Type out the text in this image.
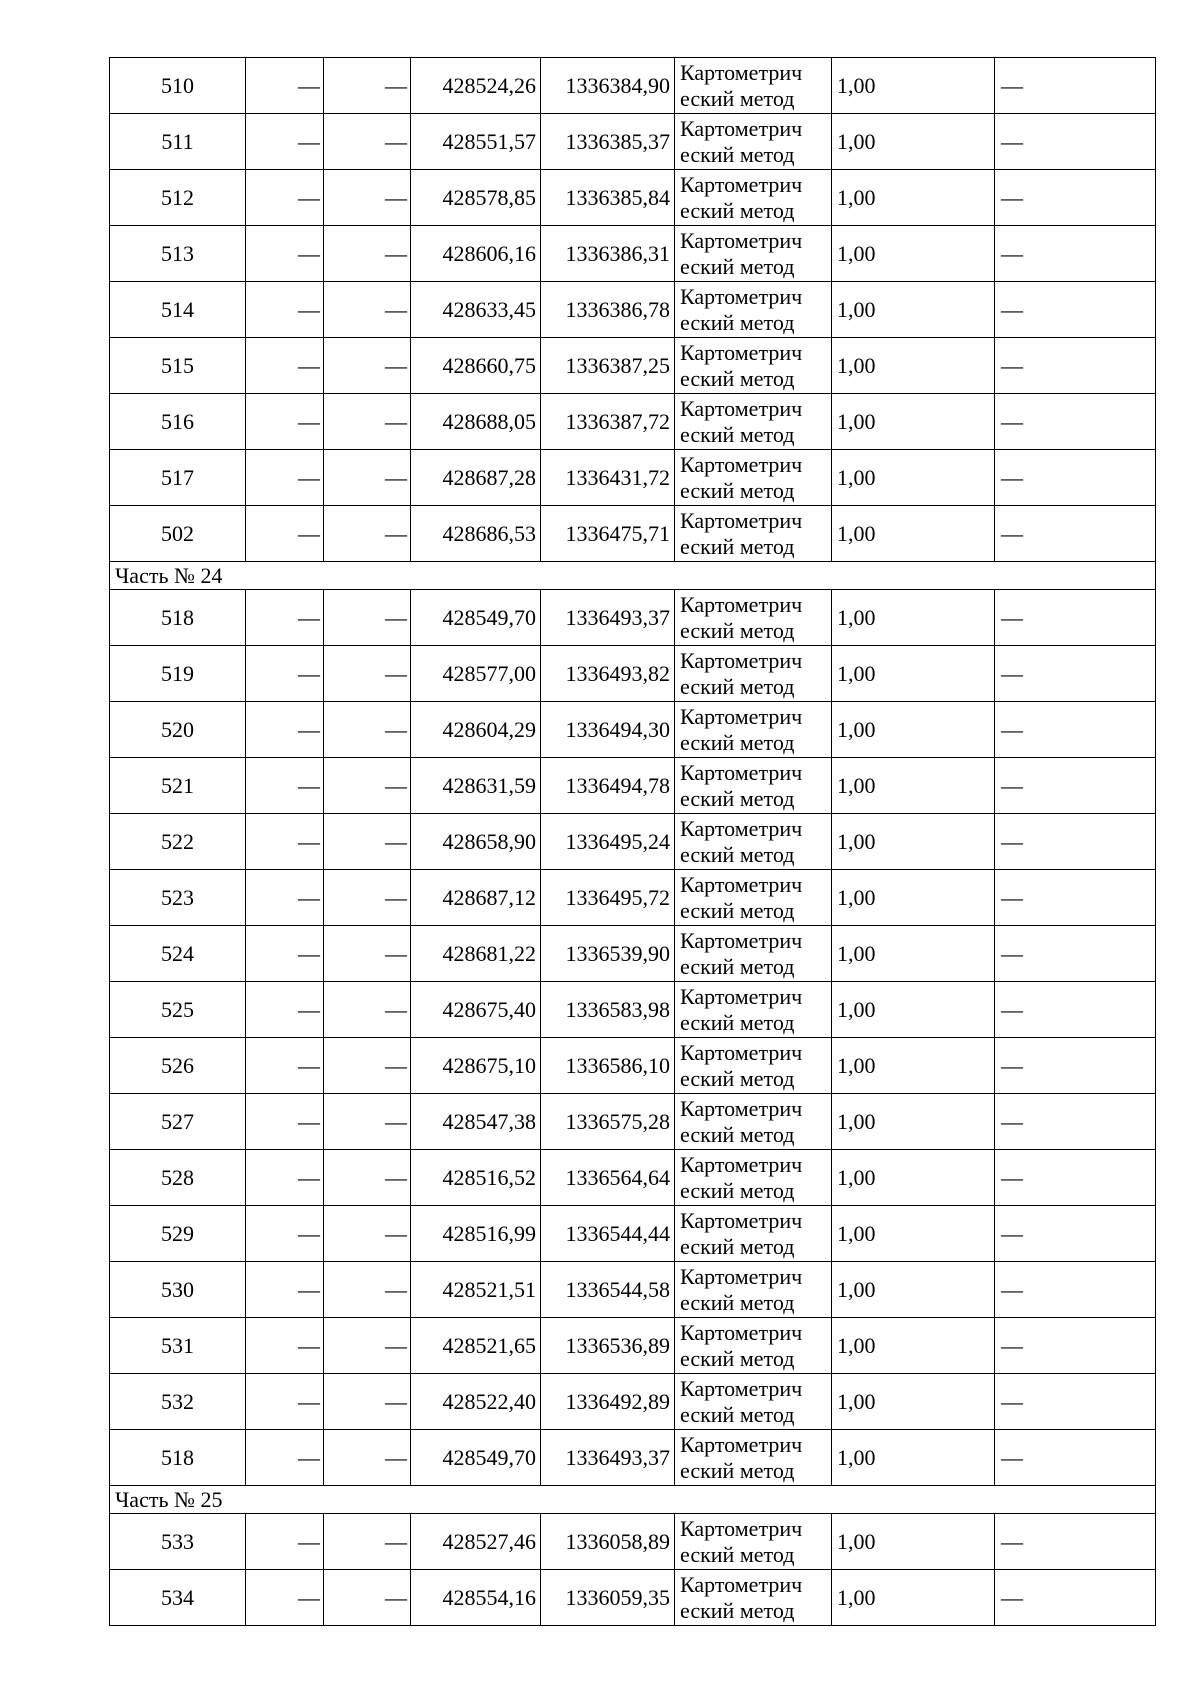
510	—	—	428524,26	1336384,90	Картометрич
еский метод	1,00	—
511	—	—	428551,57	1336385,37	Картометрич
еский метод	1,00	—
512	—	—	428578,85	1336385,84	Картометрич
еский метод	1,00	—
513	—	—	428606,16	1336386,31	Картометрич
еский метод	1,00	—
514	—	—	428633,45	1336386,78	Картометрич
еский метод	1,00	—
515	—	—	428660,75	1336387,25	Картометрич
еский метод	1,00	—
516	—	—	428688,05	1336387,72	Картометрич
еский метод	1,00	—
517	—	—	428687,28	1336431,72	Картометрич
еский метод	1,00	—
502	—	—	428686,53	1336475,71	Картометрич
еский метод	1,00	—
Часть № 24							
518	—	—	428549,70	1336493,37	Картометрич
еский метод	1,00	—
519	—	—	428577,00	1336493,82	Картометрич
еский метод	1,00	—
520	—	—	428604,29	1336494,30	Картометрич
еский метод	1,00	—
521	—	—	428631,59	1336494,78	Картометрич
еский метод	1,00	—
522	—	—	428658,90	1336495,24	Картометрич
еский метод	1,00	—
523	—	—	428687,12	1336495,72	Картометрич
еский метод	1,00	—
524	—	—	428681,22	1336539,90	Картометрич
еский метод	1,00	—
525	—	—	428675,40	1336583,98	Картометрич
еский метод	1,00	—
526	—	—	428675,10	1336586,10	Картометрич
еский метод	1,00	—
527	—	—	428547,38	1336575,28	Картометрич
еский метод	1,00	—
528	—	—	428516,52	1336564,64	Картометрич
еский метод	1,00	—
529	—	—	428516,99	1336544,44	Картометрич
еский метод	1,00	—
530	—	—	428521,51	1336544,58	Картометрич
еский метод	1,00	—
531	—	—	428521,65	1336536,89	Картометрич
еский метод	1,00	—
532	—	—	428522,40	1336492,89	Картометрич
еский метод	1,00	—
518	—	—	428549,70	1336493,37	Картометрич
еский метод	1,00	—
Часть № 25							
533	—	—	428527,46	1336058,89	Картометрич
еский метод	1,00	—
534	—	—	428554,16	1336059,35	Картометрич
еский метод	1,00	—
